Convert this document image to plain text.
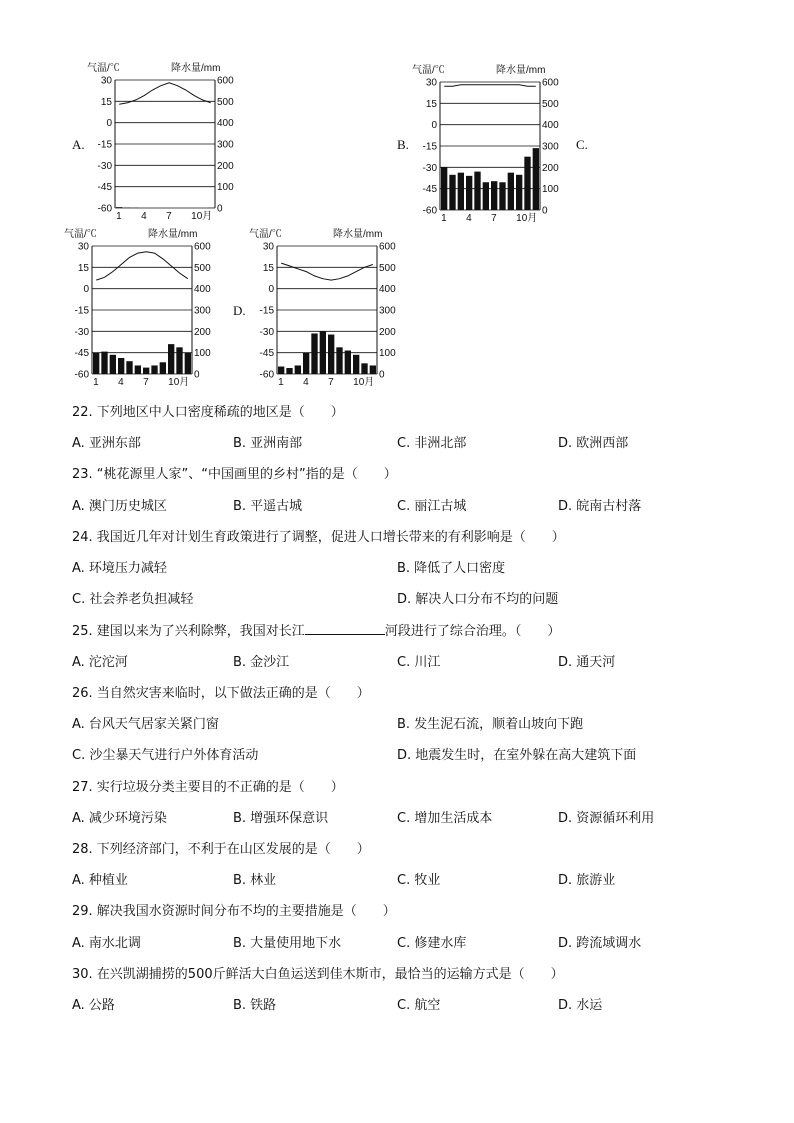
A.	B.	C.
D.
气温/℃	降水量/mm
30	600
15	500
0	400
-15	300
-30	200
-45	100
-60	0
1 4 7 10月
气温/℃	降水量/mm
30	600
15	500
0	400
-15	300
-30	200
-45	100
-60	0
1 4 7 10月
气温/℃	降水量/mm
30	600
15	500
0	400
-15	300
-30	200
-45	100
-60	0
1 4 7 10月
气温/℃	降水量/mm
30	600
15	500
0	400
-15	300
-30	200
-45	100
-60	0
1 4 7 10月
22. 下列地区中人口密度稀疏的地区是（　　）
A. 亚洲东部	B. 亚洲南部	C. 非洲北部	D. 欧洲西部
23. “桃花源里人家”、“中国画里的乡村”指的是（　　）
A. 澳门历史城区	B. 平遥古城	C. 丽江古城	D. 皖南古村落
24. 我国近几年对计划生育政策进行了调整，促进人口增长带来的有利影响是（　　）
A. 环境压力减轻	B. 降低了人口密度
C. 社会养老负担减轻	D. 解决人口分布不均的问题
25. 建国以来为了兴利除弊，我国对长江	河段进行了综合治理。（　　）
A. 沱沱河	B. 金沙江	C. 川江	D. 通天河
26. 当自然灾害来临时，以下做法正确的是（　　）
A. 台风天气居家关紧门窗	B. 发生泥石流，顺着山坡向下跑
C. 沙尘暴天气进行户外体育活动	D. 地震发生时，在室外躲在高大建筑下面
27. 实行垃圾分类主要目的不正确的是（　　）
A. 减少环境污染	B. 增强环保意识	C. 增加生活成本	D. 资源循环利用
28. 下列经济部门，不利于在山区发展的是（　　）
A. 种植业	B. 林业	C. 牧业	D. 旅游业
29. 解决我国水资源时间分布不均的主要措施是（　　）
A. 南水北调	B. 大量使用地下水	C. 修建水库	D. 跨流域调水
30. 在兴凯湖捕捞的500斤鲜活大白鱼运送到佳木斯市，最恰当的运输方式是（　　）
A. 公路	B. 铁路	C. 航空	D. 水运
